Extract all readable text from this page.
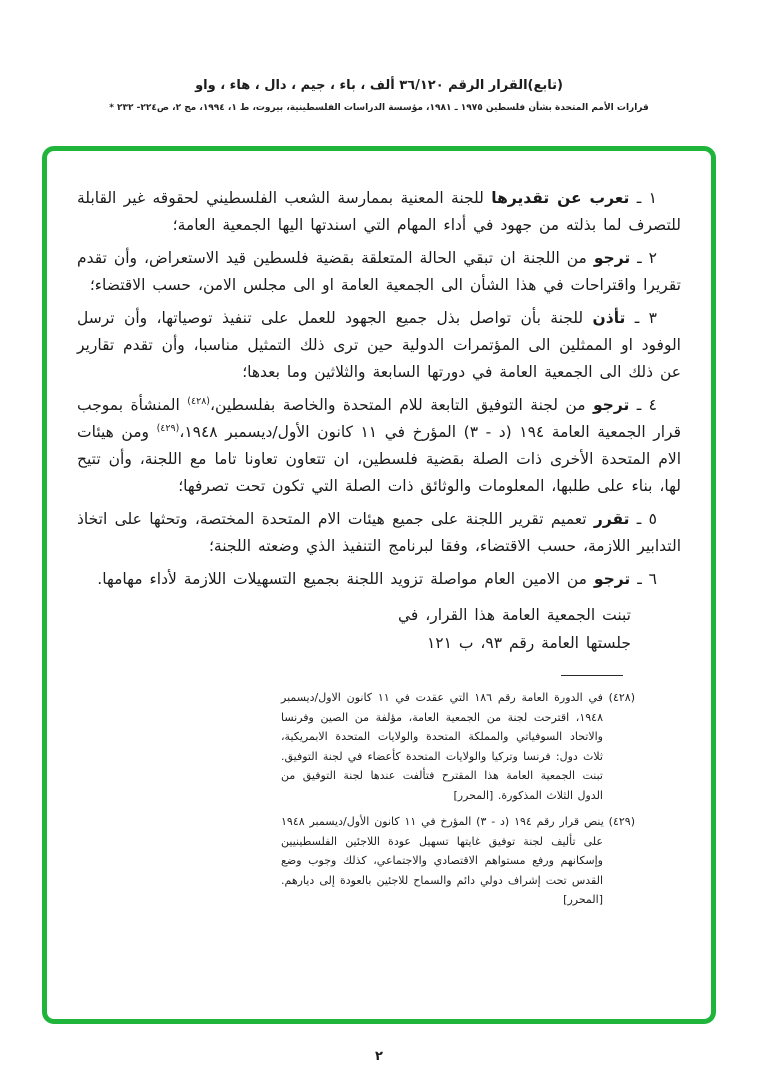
(تابع)القرار الرقم ٣٦/١٢٠ ألف ، باء ، جيم ، دال ، هاء ، واو
قرارات الأمم المتحدة بشأن فلسطين ١٩٧٥ ـ ١٩٨١، مؤسسة الدراسات الفلسطينية، بيروت، ط ١، ١٩٩٤، مج ٢، ص٢٢٤- ٢٣٢ *

١ ـ تعرب عن تقديرها للجنة المعنية بممارسة الشعب الفلسطيني لحقوقه غير القابلة للتصرف لما بذلته من جهود في أداء المهام التي اسندتها اليها الجمعية العامة؛

٢ ـ ترجو من اللجنة ان تبقي الحالة المتعلقة بقضية فلسطين قيد الاستعراض، وأن تقدم تقريرا واقتراحات في هذا الشأن الى الجمعية العامة او الى مجلس الامن، حسب الاقتضاء؛

٣ ـ تأذن للجنة بأن تواصل بذل جميع الجهود للعمل على تنفيذ توصياتها، وأن ترسل الوفود او الممثلين الى المؤتمرات الدولية حين ترى ذلك التمثيل مناسبا، وأن تقدم تقارير عن ذلك الى الجمعية العامة في دورتها السابعة والثلاثين وما بعدها؛

٤ ـ ترجو من لجنة التوفيق التابعة للام المتحدة والخاصة بفلسطين،$^{(٤٢٨)}$ المنشأة بموجب قرار الجمعية العامة ١٩٤ (د - ٣) المؤرخ في ١١ كانون الأول/ديسمبر ١٩٤٨،$^{(٤٢٩)}$ ومن هيئات الام المتحدة الأخرى ذات الصلة بقضية فلسطين، ان تتعاون تعاونا تاما مع اللجنة، وأن تتيح لها، بناء على طلبها، المعلومات والوثائق ذات الصلة التي تكون تحت تصرفها؛

٥ ـ تقرر تعميم تقرير اللجنة على جميع هيئات الام المتحدة المختصة، وتحثها على اتخاذ التدابير اللازمة، حسب الاقتضاء، وفقا لبرنامج التنفيذ الذي وضعته اللجنة؛

٦ ـ ترجو من الامين العام مواصلة تزويد اللجنة بجميع التسهيلات اللازمة لأداء مهامها.

تبنت الجمعية العامة هذا القرار، في
جلستها العامة رقم ٩٣، ب ١٢١

(٤٢٨) في الدورة العامة رقم ١٨٦ التي عقدت في ١١ كانون الاول/ديسمبر ١٩٤٨، اقترحت لجنة من الجمعية العامة، مؤلفة من الصين وفرنسا والاتحاد السوفياتي والمملكة المتحدة والولايات المتحدة الابمريكية، ثلاث دول: فرنسا وتركيا والولايات المتحدة كأعضاء في لجنة التوفيق. تبنت الجمعية العامة هذا المقترح فتألفت عندها لجنة التوفيق من الدول الثلاث المذكورة. [المحرر]

(٤٢٩) ينص قرار رقم ١٩٤ (د - ٣) المؤرخ في ١١ كانون الأول/ديسمبر ١٩٤٨ على تأليف لجنة توفيق غايتها تسهيل عودة اللاجئين الفلسطينيين وإسكانهم ورفع مستواهم الاقتصادي والاجتماعي، كذلك وجوب وضع القدس تحت إشراف دولي دائم والسماح للاجئين بالعودة إلى ديارهم. [المحرر]

٢
